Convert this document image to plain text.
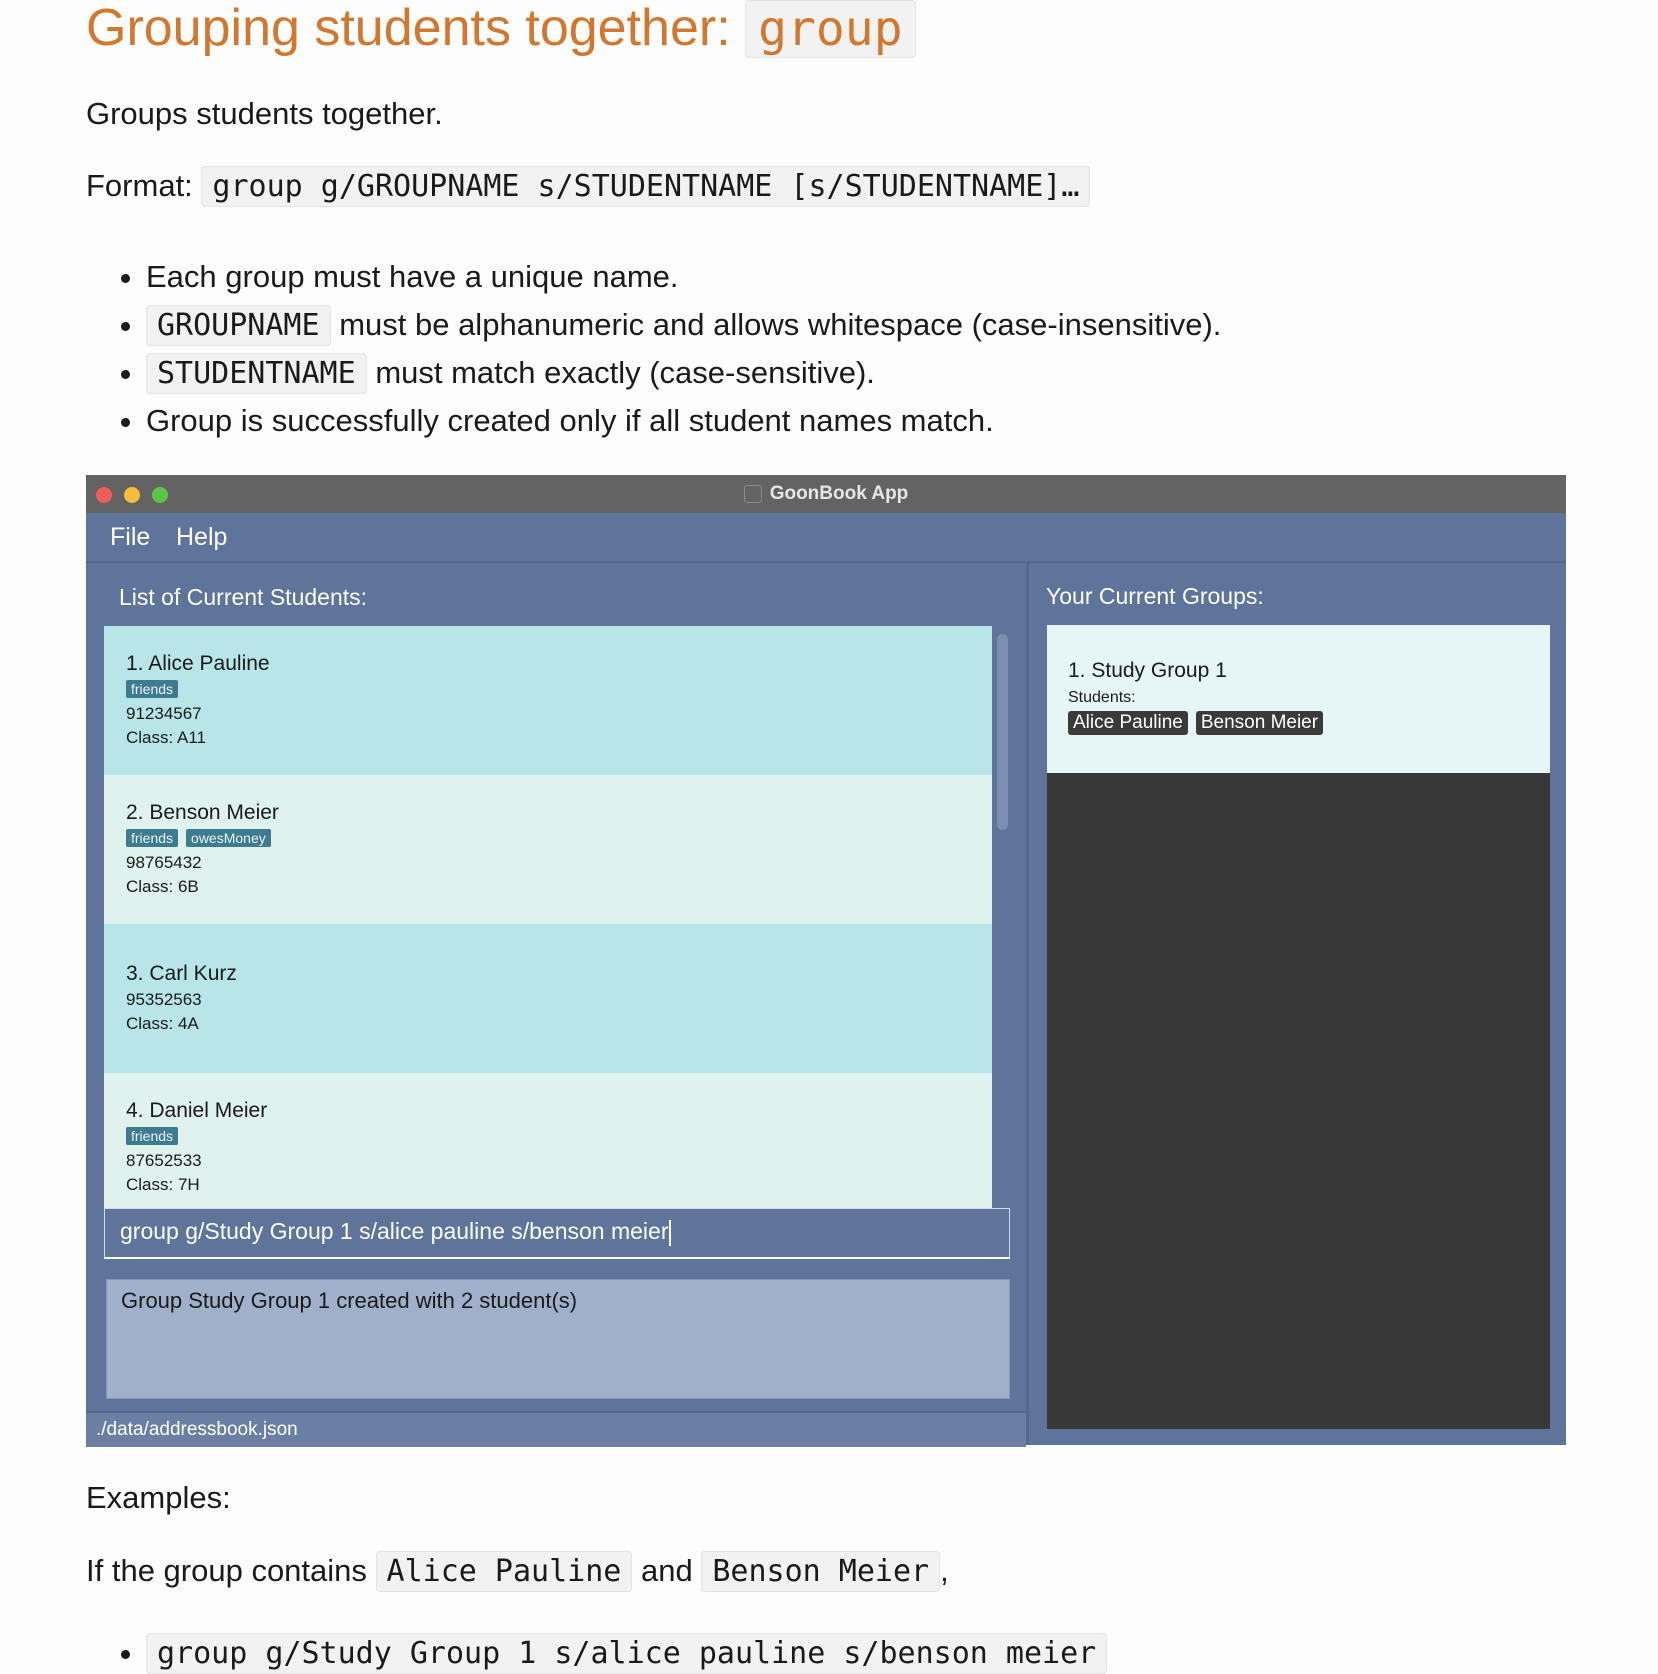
Grouping students together: group

Groups students together.

Format: group g/GROUPNAME s/STUDENTNAME [s/STUDENTNAME]…

• Each group must have a unique name.
• GROUPNAME must be alphanumeric and allows whitespace (case-insensitive).
• STUDENTNAME must match exactly (case-sensitive).
• Group is successfully created only if all student names match.

Examples:

If the group contains Alice Pauline and Benson Meier ,

• group g/Study Group 1 s/alice pauline s/benson meier
GoonBook App
File Help
List of Current Students:
1. Alice Pauline
friends
91234567
Class: A11
2. Benson Meier
friends owesMoney
98765432
Class: 6B
3. Carl Kurz
95352563
Class: 4A
4. Daniel Meier
friends
87652533
Class: 7H
group g/Study Group 1 s/alice pauline s/benson meier
Group Study Group 1 created with 2 student(s)
./data/addressbook.json
Your Current Groups:
1. Study Group 1
Students:
Alice Pauline Benson Meier
